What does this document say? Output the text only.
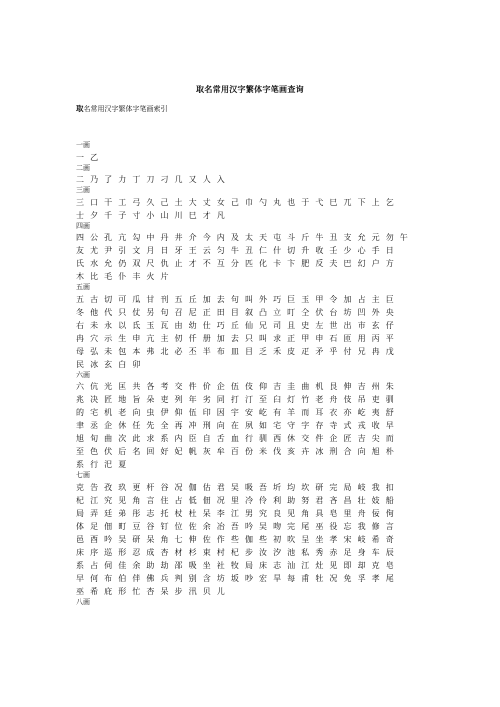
取名常用汉字繁体字笔画查询
取名常用汉字繁体字笔画索引
一画
一 乙
二画
二 乃 了 力 丁 刀 刁 几 又 人 入
三画
三 口 干 工 弓 久 己 土 大 丈 女 己 巾 勺 丸 也 于 弋 巳 兀 下 上 乞
士 夕 千 子 寸 小 山 川 巳 才 凡
四画
四 公 孔 亢 勾 中 丹 井 介 今 内 及 太 天 屯 斗 斤 牛 丑 支 允 元 勿 午
友 尤 尹 引 文 月 日 牙 王 云 匀 牛 丑 仁 什 切 升 收 壬 少 心 手 日
氏 水 允 仍 双 尺 仇 止 才 不 互 分 匹 化 卡 卞 肥 反 夫 巴 幻 户 方
木 比 毛 仆 丰 火 片
五画
五 古 切 可 瓜 甘 刊 五 丘 加 去 句 叫 外 巧 巨 玉 甲 令 加 占 主 巨
冬 他 代 只 仗 另 句 召 尼 正 田 目 叙 凸 立 叮 仝 伏 台 坊 凹 外 央
右 未 永 以 氐 玉 瓦 由 幼 仕 巧 丘 仙 兄 司 且 史 左 世 出 市 玄 仔
冉 穴 示 生 申 亢 主 仞 仟 册 加 去 只 叫 求 正 甲 申 石 匝 用 丙 平
母 弘 未 包 本 弗 北 必 丕 半 布 皿 目 乏 禾 皮 疋 矛 乎 付 兄 冉 戊
民 冰 玄 白 卯
六画
六 伉 光 匡 共 各 考 交 件 价 企 伍 伎 仰 吉 圭 曲 机 艮 伸 吉 州 朱
兆 决 匠 地 旨 朵 吏 列 年 劣 同 打 汀 至 臼 灯 竹 老 舟 伎 吊 吏 驯
的 宅 机 老 向 虫 伊 仰 伍 印 因 宇 安 屹 有 羊 而 耳 衣 亦 屹 夷 舒
聿 丞 企 休 任 先 全 再 冲 刑 向 在 夙 如 宅 守 字 存 寺 式 戎 收 早
旭 旬 曲 次 此 求 系 内 臣 自 舌 血 行 驯 西 休 交 件 企 匠 吉 尖 而
至 色 伏 后 名 回 好 妃 帆 灰 牟 百 份 米 伐 亥 卉 冰 刑 合 向 旭 朴
系 行 汜 夏
七画
克 告 孜 玖 更 杆 谷 况 伽 估 君 吴 吸 吾 圻 均 坎 研 完 局 岐 我 扣
杞 江 究 见 角 言 住 占 低 佃 况 里 冷 伶 利 助 努 君 吝 昌 壮 妓 船
局 弄 廷 弟 彤 志 托 杖 杜 呆 李 江 男 究 良 见 角 具 皂 里 舟 佞 佝
体 足 佃 町 豆 谷 钉 位 佐 余 冶 吾 吟 吴 吻 完 尾 巫 役 忘 我 修 言
邑 酉 吟 吴 研 呆 角 七 伸 佐 作 些 伽 些 初 吹 呈 坐 孝 宋 岐 希 奇
床 序 巡 形 忍 成 杏 材 杉 束 村 杞 步 汝 汐 池 私 秀 赤 足 身 车 辰
系 占 伺 佳 余 助 劫 邵 吸 坐 社 牧 局 床 志 汕 江 灶 见 即 却 克 皂
早 何 布 伯 伴 佛 兵 判 别 含 坊 坂 吵 宏 旱 每 甫 牡 况 免 孚 孝 尾
巫 希 庇 形 忙 杏 呆 步 汛 贝 儿
八画
